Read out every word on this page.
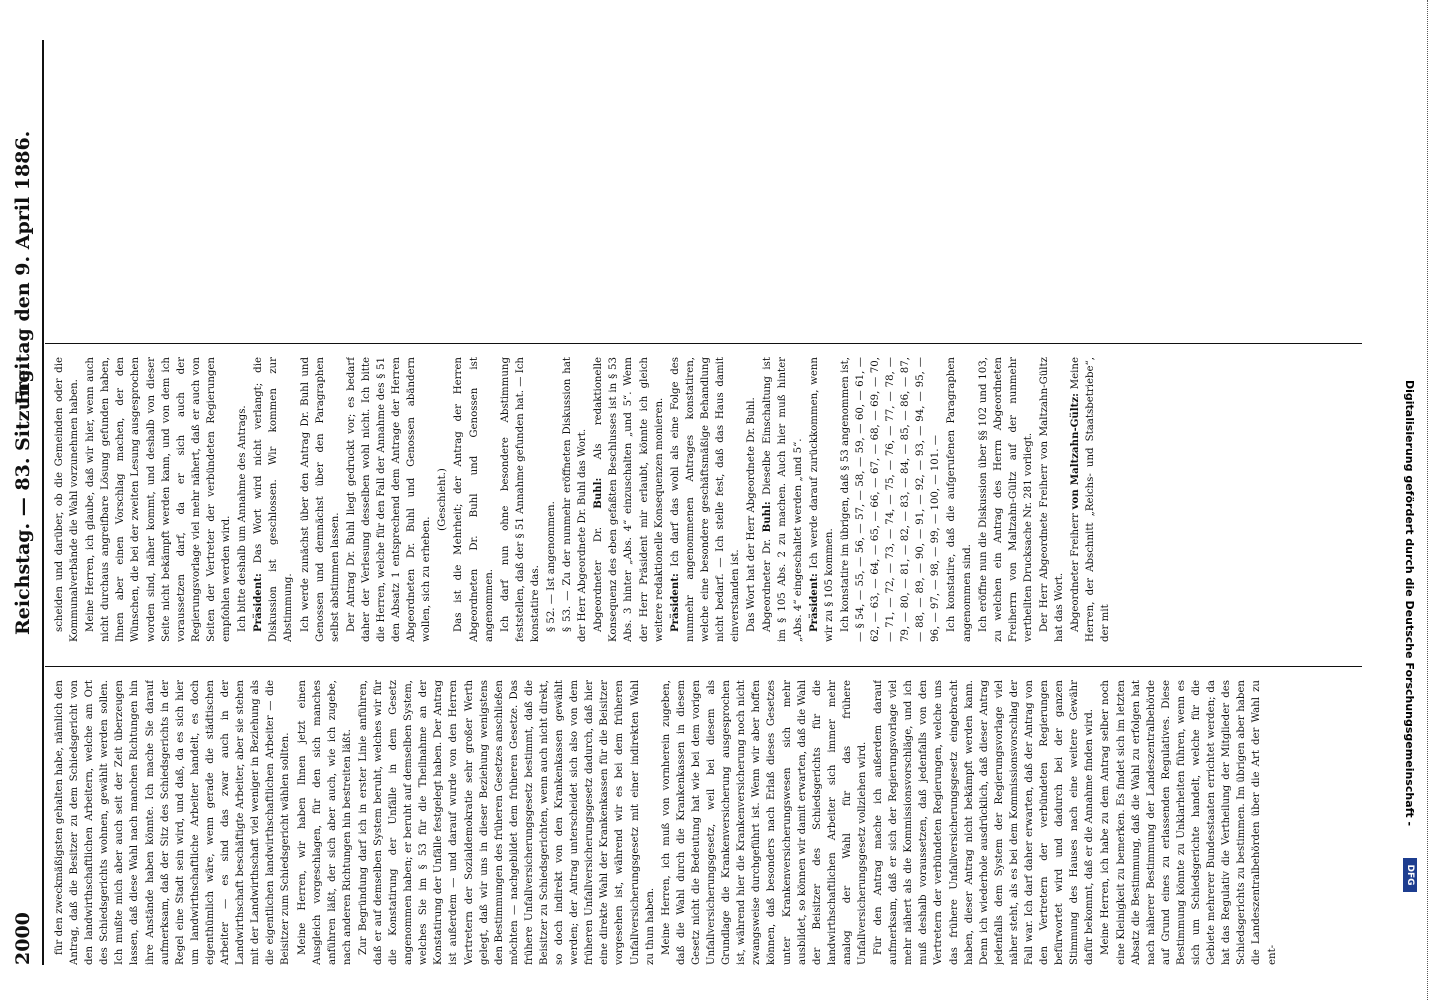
2000
Reichstag. — 83. Sitzung.
Freitag den 9. April 1886.

für den zweckmäßigsten gehalten habe, nämlich den Antrag, daß die Besitzer zu dem Schiedsgericht von den landwirthschaftlichen Arbeitern, welche am Ort des Schiedsgerichts wohnen, gewählt werden sollen. Ich mußte mich aber auch seit der Zeit überzeugen lassen, daß diese Wahl nach manchen Richtungen hin ihre Anstände haben könnte. Ich mache Sie darauf aufmerksam, daß der Sitz des Schiedsgerichts in der Regel eine Stadt sein wird, und daß, da es sich hier um landwirthschaftliche Arbeiter handelt, es doch eigenthümlich wäre, wenn gerade die städtischen Arbeiter — es sind das zwar auch in der Landwirthschaft beschäftigte Arbeiter, aber sie stehen mit der Landwirthschaft viel weniger in Beziehung als die eigentlichen landwirthschaftlichen Arbeiter — die Beisitzer zum Schiedsgericht wählen sollten. Meine Herren, wir haben Ihnen jetzt einen Ausgleich vorgeschlagen, für den sich manches anführen läßt, der sich aber auch, wie ich zugebe, nach anderen Richtungen hin bestreiten läßt. Zur Begründung darf ich in erster Linie anführen, daß er auf demselben System beruht, welches wir für die Konstatirung der Unfälle in dem Gesetz angenommen haben; er beruht auf demselben System, welches Sie im § 53 für die Theilnahme an der Konstatirung der Unfälle festgelegt haben. Der Antrag ist außerdem — und darauf wurde von den Herren Vertretern der Sozialdemokratie sehr großer Werth gelegt, daß wir uns in dieser Beziehung wenigstens den Bestimmungen des früheren Gesetzes anschließen möchten — nachgebildet dem früheren Gesetze. Das frühere Unfallversicherungsgesetz bestimmt, daß die Beisitzer zu Schiedsgerichten, wenn auch nicht direkt, so doch indirekt von den Krankenkassen gewählt werden; der Antrag unterscheidet sich also von dem früheren Unfallversicherungsgesetz dadurch, daß hier eine direkte Wahl der Krankenkassen für die Beisitzer vorgesehen ist, während wir es bei dem früheren Unfallversicherungsgesetz mit einer indirekten Wahl zu thun haben. Meine Herren, ich muß von vornherein zugeben, daß die Wahl durch die Krankenkassen in diesem Gesetz nicht die Bedeutung hat wie bei dem vorigen Unfallversicherungsgesetz, weil bei diesem als Grundlage die Krankenversicherung ausgesprochen ist, während hier die Krankenversicherung noch nicht zwangsweise durchgeführt ist. Wenn wir aber hoffen können, daß besonders nach Erlaß dieses Gesetzes unter Krankenversicherungswesen sich mehr ausbildet, so können wir damit erwarten, daß die Wahl der Beisitzer des Schiedsgerichts für die landwirthschaftlichen Arbeiter sich immer mehr analog der Wahl für das frühere Unfallversicherungsgesetz vollziehen wird. Für den Antrag mache ich außerdem darauf aufmerksam, daß er sich der Regierungsvorlage viel mehr nähert als die Kommissionsvorschläge, und ich muß deshalb voraussetzen, daß jedenfalls von den Vertretern der verbündeten Regierungen, welche uns das frühere Unfallversicherungsgesetz eingebracht haben, dieser Antrag nicht bekämpft werden kann. Denn ich wiederhole ausdrücklich, daß dieser Antrag jedenfalls dem System der Regierungsvorlage viel näher steht, als es bei dem Kommissionsvorschlag der Fall war. Ich darf daher erwarten, daß der Antrag von den Vertretern der verbündeten Regierungen befürwortet wird und dadurch bei der ganzen Stimmung des Hauses nach eine weitere Gewähr dafür bekommt, daß er die Annahme finden wird. Meine Herren, ich habe zu dem Antrag selber noch eine Kleinigkeit zu bemerken. Es findet sich im letzten Absatz die Bestimmung, daß die Wahl zu erfolgen hat nach näherer Bestimmung der Landeszentralbehörde auf Grund eines zu erlassenden Regulatives. Diese Bestimmung könnte zu Unklarheiten führen, wenn es sich um Schiedsgerichte handelt, welche für die Gebiete mehrerer Bundesstaaten errichtet werden; da hat das Regulativ die Vertheilung der Mitglieder des Schiedsgerichts zu bestimmen. Im übrigen aber haben die Landeszentralbehörden über die Art der Wahl zu ent-

scheiden und darüber, ob die Gemeinden oder die Kommunalverbände die Wahl vorzunehmen haben. Meine Herren, ich glaube, daß wir hier, wenn auch nicht durchaus angreifbare Lösung gefunden haben, Ihnen aber einen Vorschlag machen, der den Wünschen, die bei der zweiten Lesung ausgesprochen worden sind, näher kommt, und deshalb von dieser Seite nicht bekämpft werden kann, und von dem ich voraussetzen darf, da er sich auch der Regierungsvorlage viel mehr nähert, daß er auch von Seiten der Vertreter der verbündeten Regierungen empfohlen werden wird. Ich bitte deshalb um Annahme des Antrags. Präsident: Das Wort wird nicht verlangt; die Diskussion ist geschlossen. Wir kommen zur Abstimmung. Ich werde zunächst über den Antrag Dr. Buhl und Genossen und demnächst über den Paragraphen selbst abstimmen lassen. Der Antrag Dr. Buhl liegt gedruckt vor; es bedarf daher der Verlesung desselben wohl nicht. Ich bitte die Herren, welche für den Fall der Annahme des § 51 den Absatz 1 entsprechend dem Antrage der Herren Abgeordneten Dr. Buhl und Genossen abändern wollen, sich zu erheben.

(Geschieht.) Das ist die Mehrheit; der Antrag der Herren Abgeordneten Dr. Buhl und Genossen ist angenommen. Ich darf nun ohne besondere Abstimmung feststellen, daß der § 51 Annahme gefunden hat. — Ich konstatire das. § 52. — Ist angenommen. § 53. — Zu der nunmehr eröffneten Diskussion hat der Herr Abgeordnete Dr. Buhl das Wort. Abgeordneter Dr. Buhl: Als redaktionelle Konsequenz des eben gefaßten Beschlusses ist in § 53 Abs. 3 hinter „Abs. 4“ einzuschalten „und 5“. Wenn der Herr Präsident mir erlaubt, könnte ich gleich weitere redaktionelle Konsequenzen monieren. Präsident: Ich darf das wohl als eine Folge des nunmehr angenommenen Antrages konstatiren, welche eine besondere geschäftsmäßige Behandlung nicht bedarf. — Ich stelle fest, daß das Haus damit einverstanden ist. Das Wort hat der Herr Abgeordnete Dr. Buhl. Abgeordneter Dr. Buhl: Dieselbe Einschaltung ist im § 105 Abs. 2 zu machen. Auch hier muß hinter „Abs. 4“ eingeschaltet werden „und 5“. Präsident: Ich werde darauf zurückkommen, wenn wir zu § 105 kommen. Ich konstatire im übrigen, daß § 53 angenommen ist, — § 54, — 55, — 56, — 57, — 58, — 59, — 60, — 61, — 62, — 63, — 64, — 65, — 66, — 67, — 68, — 69, — 70, — 71, — 72, — 73, — 74, — 75, — 76, — 77, — 78, — 79, — 80, — 81, — 82, — 83, — 84, — 85, — 86, — 87, — 88, — 89, — 90, — 91, — 92, — 93, — 94, — 95, — 96, — 97, — 98, — 99, — 100, — 101. — Ich konstatire, daß die aufgerufenen Paragraphen angenommen sind. Ich eröffne nun die Diskussion über §§ 102 und 103, zu welchen ein Antrag des Herrn Abgeordneten Freiherrn von Maltzahn-Gültz auf der nunmehr vertheilten Drucksache Nr. 281 vorliegt. Der Herr Abgeordnete Freiherr von Maltzahn-Gültz hat das Wort. Abgeordneter Freiherr von Maltzahn-Gültz: Meine Herren, der Abschnitt „Reichs- und Staatsbetriebe“, der mit	Digitalisierung gefördert durch die Deutsche Forschungsgemeinschaft -
DFG
